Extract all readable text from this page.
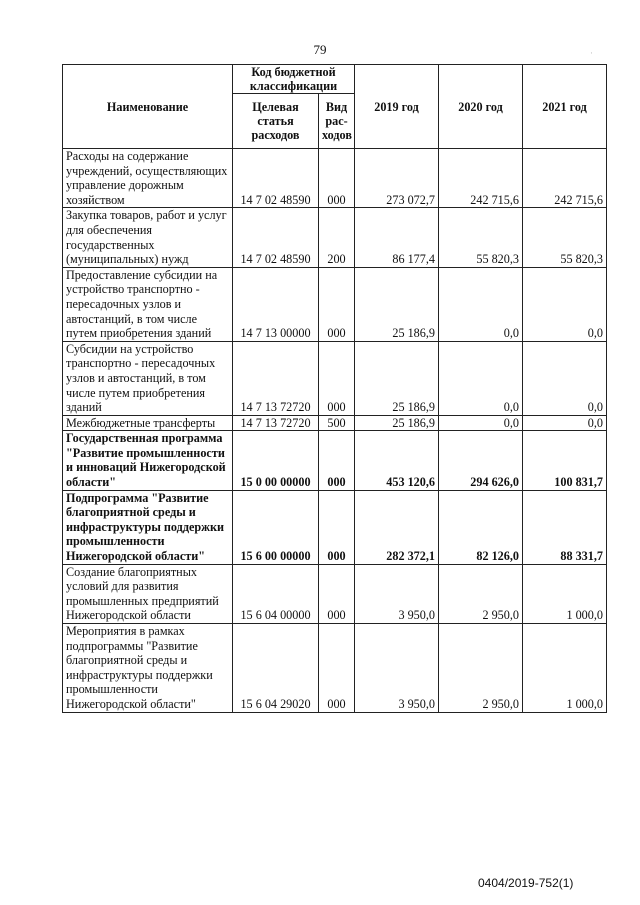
79	·
Наименование	Код бюджетной классификации		2019 год	2020 год	2021 год
	Целевая статья расходов	Вид рас-ходов			
Расходы на содержание учреждений, осуществляющих управление дорожным хозяйством	14 7 02 48590	000	273 072,7	242 715,6	242 715,6
Закупка товаров, работ и услуг для обеспечения государственных (муниципальных) нужд	14 7 02 48590	200	86 177,4	55 820,3	55 820,3
Предоставление субсидии на устройство транспортно - пересадочных узлов и автостанций, в том числе путем приобретения зданий	14 7 13 00000	000	25 186,9	0,0	0,0
Субсидии на устройство транспортно - пересадочных узлов и автостанций, в том числе путем приобретения зданий	14 7 13 72720	000	25 186,9	0,0	0,0
Межбюджетные трансферты	14 7 13 72720	500	25 186,9	0,0	0,0
Государственная программа "Развитие промышленности и инноваций Нижегородской области"	15 0 00 00000	000	453 120,6	294 626,0	100 831,7
Подпрограмма "Развитие благоприятной среды и инфраструктуры поддержки промышленности Нижегородской области"	15 6 00 00000	000	282 372,1	82 126,0	88 331,7
Создание благоприятных условий для развития промышленных предприятий Нижегородской области	15 6 04 00000	000	3 950,0	2 950,0	1 000,0
Мероприятия в рамках подпрограммы "Развитие благоприятной среды и инфраструктуры поддержки промышленности Нижегородской области"	15 6 04 29020	000	3 950,0	2 950,0	1 000,0
0404/2019-752(1)
